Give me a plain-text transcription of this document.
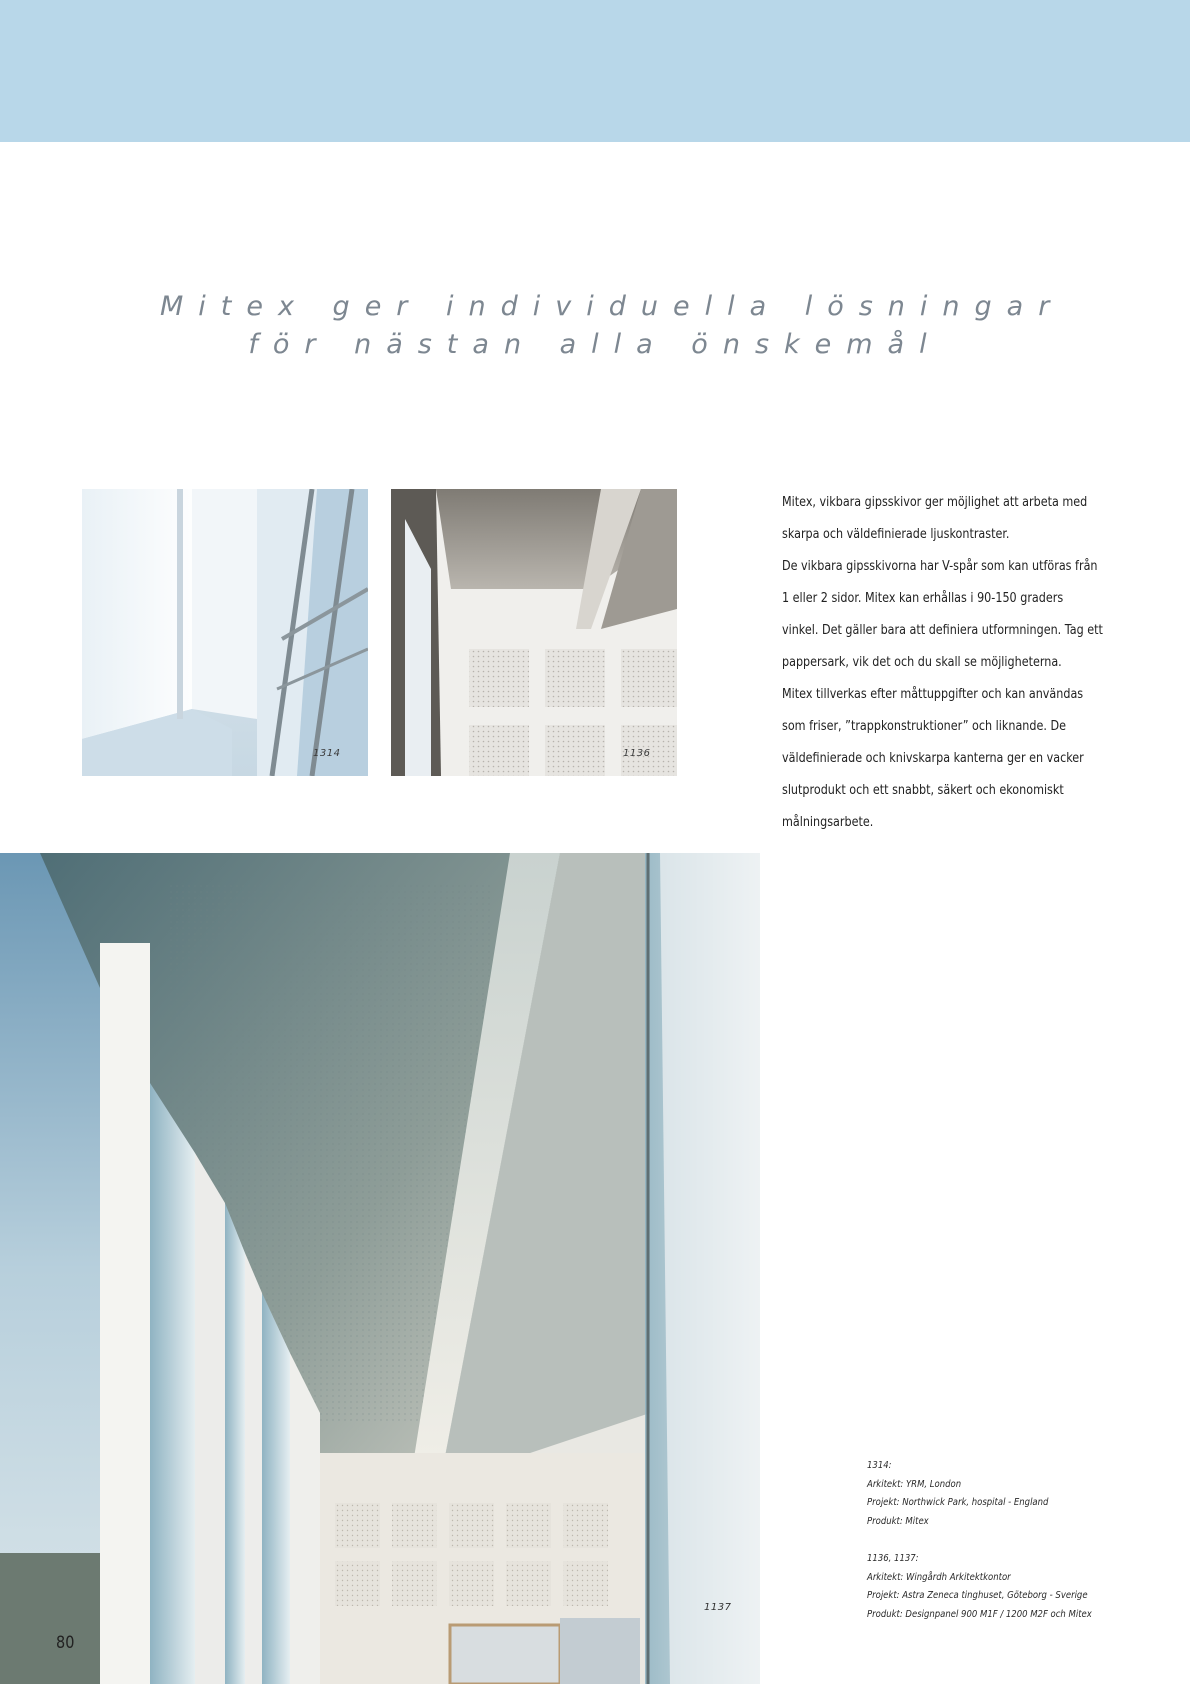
Mitex ger individuella lösningar
för nästan alla önskemål
1314	1136
1137

Mitex, vikbara gipsskivor ger möjlighet att arbeta med

skarpa och väldefinierade ljuskontraster.

De vikbara gipsskivorna har V-spår som kan utföras från

1 eller 2 sidor. Mitex kan erhållas i 90-150 graders

vinkel. Det gäller bara att definiera utformningen. Tag ett

pappersark, vik det och du skall se möjligheterna.

Mitex tillverkas efter måttuppgifter och kan användas

som friser, ”trappkonstruktioner” och liknande. De

väldefinierade och knivskarpa kanterna ger en vacker

slutprodukt och ett snabbt, säkert och ekonomiskt

målningsarbete.

1314:

Arkitekt: YRM, London

Projekt: Northwick Park, hospital - England

Produkt: Mitex

1136, 1137:

Arkitekt: Wingårdh Arkitektkontor

Projekt: Astra Zeneca tinghuset, Göteborg - Sverige

Produkt: Designpanel 900 M1F / 1200 M2F och Mitex

80
